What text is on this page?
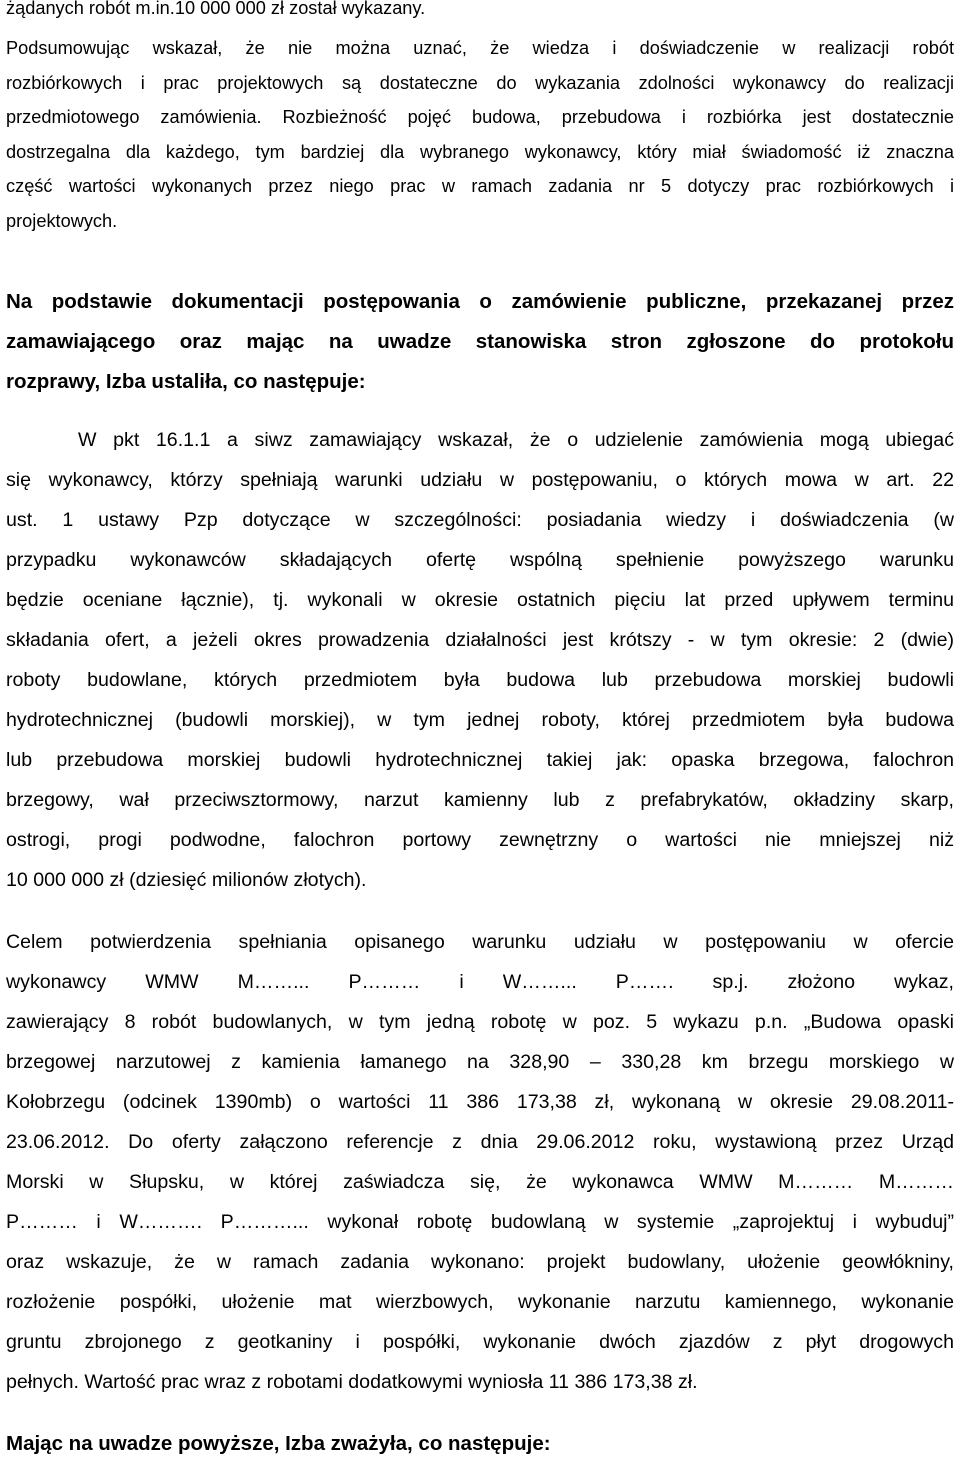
żądanych robót m.in.10 000 000 zł został wykazany.

Podsumowując wskazał, że nie można uznać, że wiedza i doświadczenie w realizacji robót
rozbiórkowych i prac projektowych są dostateczne do wykazania zdolności wykonawcy do realizacji
przedmiotowego zamówienia. Rozbieżność pojęć budowa, przebudowa i rozbiórka jest dostatecznie
dostrzegalna dla każdego, tym bardziej dla wybranego wykonawcy, który miał świadomość iż znaczna
część wartości wykonanych przez niego prac w ramach zadania nr 5 dotyczy prac rozbiórkowych i
projektowych.

Na podstawie dokumentacji postępowania o zamówienie publiczne, przekazanej przez
zamawiającego oraz mając na uwadze stanowiska stron zgłoszone do protokołu
rozprawy, Izba ustaliła, co następuje:

W pkt 16.1.1 a siwz zamawiający wskazał, że o udzielenie zamówienia mogą ubiegać
się wykonawcy, którzy spełniają warunki udziału w postępowaniu, o których mowa w art. 22
ust. 1 ustawy Pzp dotyczące w szczególności: posiadania wiedzy i doświadczenia (w
przypadku wykonawców składających ofertę wspólną spełnienie powyższego warunku
będzie oceniane łącznie), tj. wykonali w okresie ostatnich pięciu lat przed upływem terminu
składania ofert, a jeżeli okres prowadzenia działalności jest krótszy - w tym okresie: 2 (dwie)
roboty budowlane, których przedmiotem była budowa lub przebudowa morskiej budowli
hydrotechnicznej (budowli morskiej), w tym jednej roboty, której przedmiotem była budowa
lub przebudowa morskiej budowli hydrotechnicznej takiej jak: opaska brzegowa, falochron
brzegowy, wał przeciwsztormowy, narzut kamienny lub z prefabrykatów, okładziny skarp,
ostrogi, progi podwodne, falochron portowy zewnętrzny o wartości nie mniejszej niż
10 000 000 zł (dziesięć milionów złotych).

Celem potwierdzenia spełniania opisanego warunku udziału w postępowaniu w ofercie
wykonawcy WMW M……... P……… i W……... P……. sp.j. złożono wykaz,
zawierający 8 robót budowlanych, w tym jedną robotę w poz. 5 wykazu p.n. „Budowa opaski
brzegowej narzutowej z kamienia łamanego na 328,90 – 330,28 km brzegu morskiego w
Kołobrzegu (odcinek 1390mb) o wartości 11 386 173,38 zł, wykonaną w okresie 29.08.2011-
23.06.2012. Do oferty załączono referencje z dnia 29.06.2012 roku, wystawioną przez Urząd
Morski w Słupsku, w której zaświadcza się, że wykonawca WMW M……… M………
P……… i W………. P………... wykonał robotę budowlaną w systemie „zaprojektuj i wybuduj”
oraz wskazuje, że w ramach zadania wykonano: projekt budowlany, ułożenie geowłókniny,
rozłożenie pospółki, ułożenie mat wierzbowych, wykonanie narzutu kamiennego, wykonanie
gruntu zbrojonego z geotkaniny i pospółki, wykonanie dwóch zjazdów z płyt drogowych
pełnych. Wartość prac wraz z robotami dodatkowymi wyniosła 11 386 173,38 zł.

Mając na uwadze powyższe, Izba zważyła, co następuje:
